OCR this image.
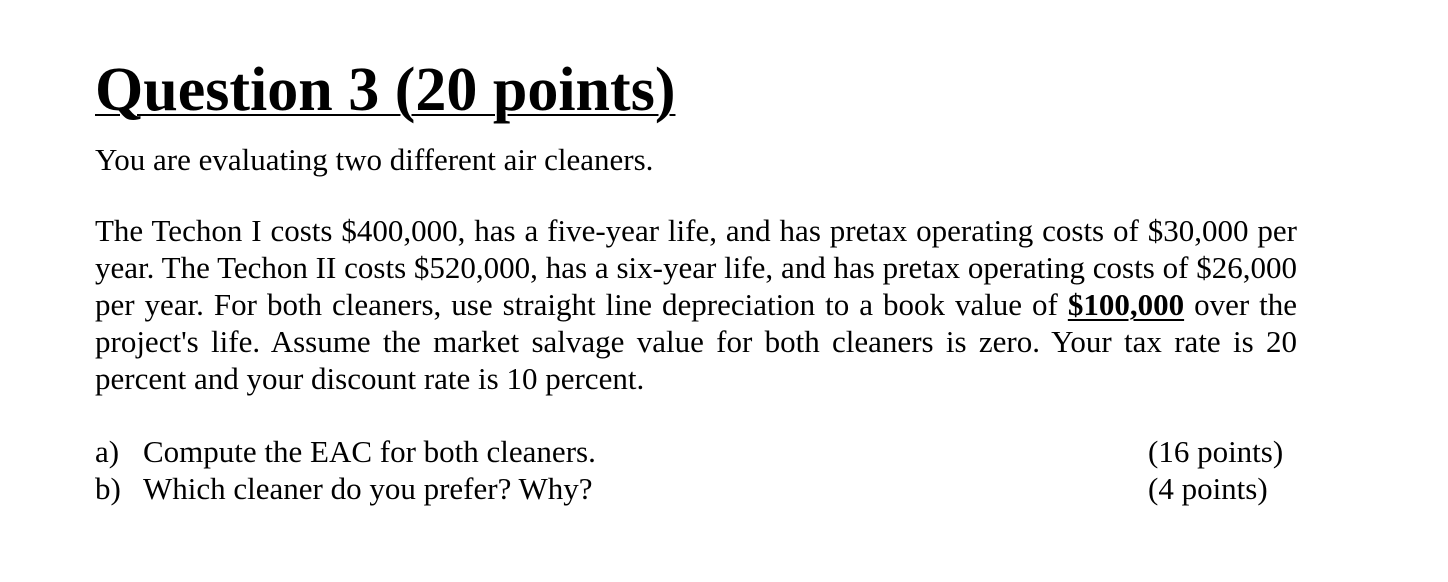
Question 3 (20 points)

You are evaluating two different air cleaners.

The Techon I costs $400,000, has a five-year life, and has pretax operating costs of $30,000 per year. The Techon II costs $520,000, has a six-year life, and has pretax operating costs of $26,000 per year. For both cleaners, use straight line depreciation to a book value of $100,000 over the project's life. Assume the market salvage value for both cleaners is zero. Your tax rate is 20 percent and your discount rate is 10 percent.

a) Compute the EAC for both cleaners.	(16 points)
b) Which cleaner do you prefer? Why?	(4 points)
